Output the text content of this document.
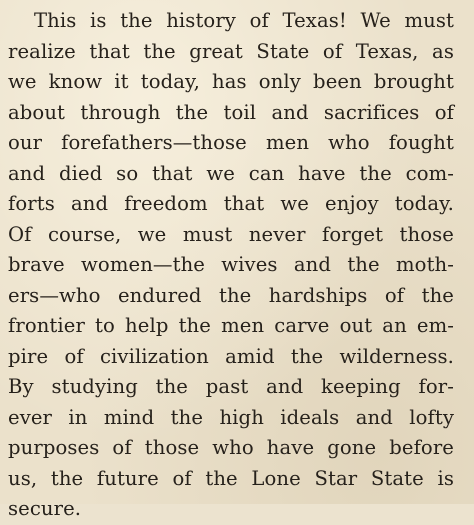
This is the history of Texas! We must
realize that the great State of Texas, as
we know it today, has only been brought
about through the toil and sacrifices of
our forefathers—those men who fought
and died so that we can have the com-
forts and freedom that we enjoy today.
Of course, we must never forget those
brave women—the wives and the moth-
ers—who endured the hardships of the
frontier to help the men carve out an em-
pire of civilization amid the wilderness.
By studying the past and keeping for-
ever in mind the high ideals and lofty
purposes of those who have gone before
us, the future of the Lone Star State is
secure.
